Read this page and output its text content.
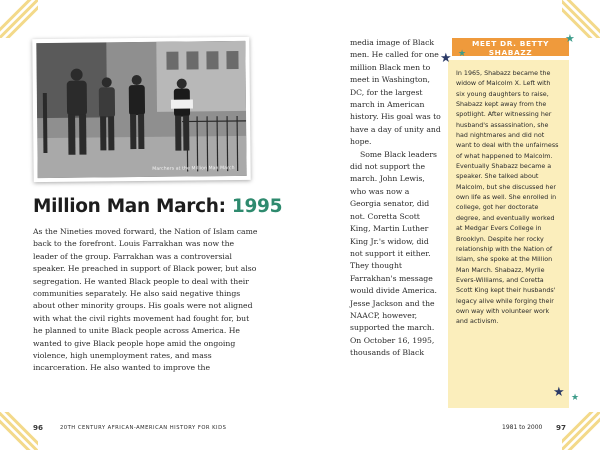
Marchers at the Million Man March
Million Man March: 1995
As the Nineties moved forward, the Nation of Islam came back to the forefront. Louis Farrakhan was now the leader of the group. Farrakhan was a controversial speaker. He preached in support of Black power, but also segregation. He wanted Black people to deal with their communities separately. He also said negative things about other minority groups. His goals were not aligned with what the civil rights movement had fought for, but he planned to unite Black people across America. He wanted to give Black people hope amid the ongoing violence, high unemployment rates, and mass incarceration. He also wanted to improve the

media image of Black men. He called for one million Black men to meet in Washington, DC, for the largest march in American history. His goal was to have a day of unity and hope.

Some Black leaders did not support the march. John Lewis, who was now a Georgia senator, did not. Coretta Scott King, Martin Luther King Jr.'s widow, did not support it either. They thought Farrakhan's message would divide America. Jesse Jackson and the NAACP, however, supported the march. On October 16, 1995, thousands of Black

MEET DR. BETTY
SHABAZZ
In 1965, Shabazz became the widow of Malcolm X. Left with six young daughters to raise, Shabazz kept away from the spotlight. After witnessing her husband's assassination, she had nightmares and did not want to deal with the unfairness of what happened to Malcolm. Eventually Shabazz became a speaker. She talked about Malcolm, but she discussed her own life as well. She enrolled in college, got her doctorate degree, and eventually worked at Medgar Evers College in Brooklyn. Despite her rocky relationship with the Nation of Islam, she spoke at the Million Man March. Shabazz, Myrlie Evers-Williams, and Coretta Scott King kept their husbands' legacy alive while forging their own way with volunteer work and activism.
★ ★
★
★ ★
96	20TH CENTURY AFRICAN-AMERICAN HISTORY FOR KIDS	1981 to 2000 97
